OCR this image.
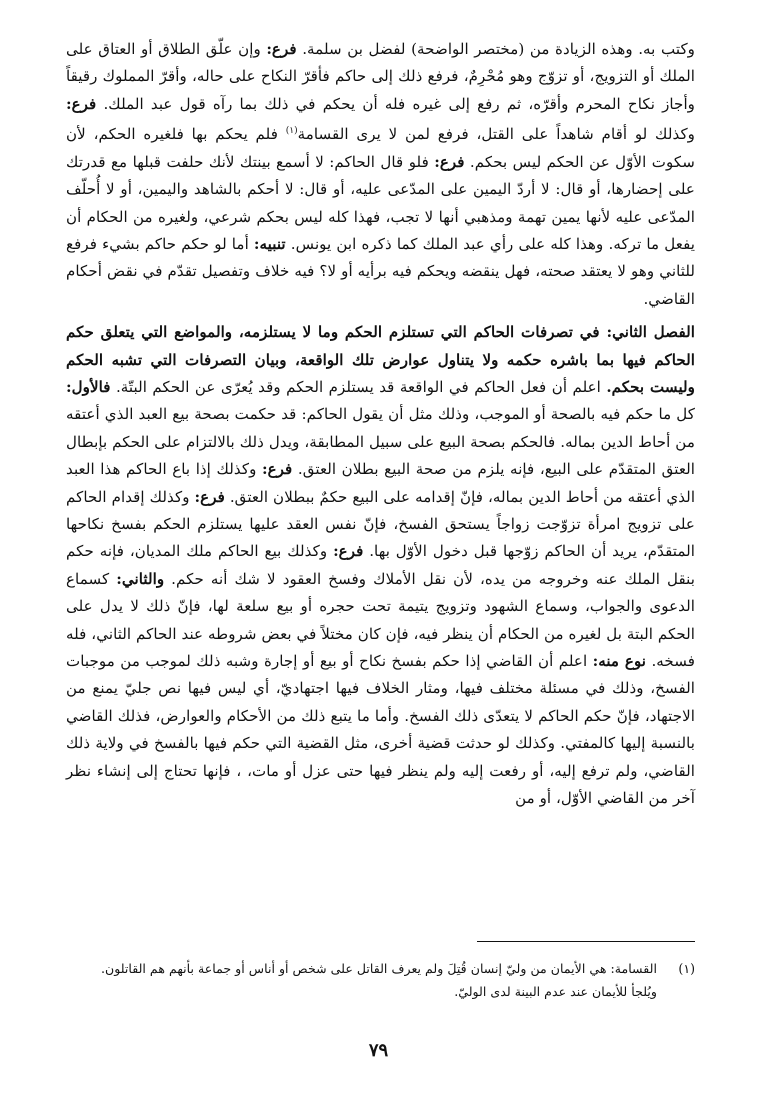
وكتب به. وهذه الزيادة من (مختصر الواضحة) لفضل بن سلمة. فرع: وإن علّق الطلاق أو العتاق على الملك أو التزويج، أو تزوّج وهو مُحْرِمٌ، فرفع ذلك إلى حاكم فأقرّ النكاح على حاله، وأقرّ المملوك رقيقاً وأجاز نكاح المحرم وأقرّه، ثم رفع إلى غيره فله أن يحكم في ذلك بما رآه قول عبد الملك. فرع: وكذلك لو أقام شاهداً على القتل، فرفع لمن لا يرى القسامة$^{(١)}$ فلم يحكم بها فلغيره الحكم، لأن سكوت الأوّل عن الحكم ليس بحكم. فرع: فلو قال الحاكم: لا أسمع بينتك لأنك حلفت قبلها مع قدرتك على إحضارها، أو قال: لا أردّ اليمين على المدّعى عليه، أو قال: لا أحكم بالشاهد واليمين، أو لا أُحلّف المدّعى عليه لأنها يمين تهمة ومذهبي أنها لا تجب، فهذا كله ليس بحكم شرعي، ولغيره من الحكام أن يفعل ما تركه. وهذا كله على رأي عبد الملك كما ذكره ابن يونس. تنبيه: أما لو حكم حاكم بشيء فرفع للثاني وهو لا يعتقد صحته، فهل ينقضه ويحكم فيه برأيه أو لا؟ فيه خلاف وتفصيل تقدّم في نقض أحكام القاضي.

الفصل الثاني: في تصرفات الحاكم التي تستلزم الحكم وما لا يستلزمه، والمواضع التي يتعلق حكم الحاكم فيها بما باشره حكمه ولا يتناول عوارض تلك الواقعة، وبيان التصرفات التي تشبه الحكم وليست بحكم. اعلم أن فعل الحاكم في الواقعة قد يستلزم الحكم وقد يُعرّى عن الحكم البتّة. فالأول: كل ما حكم فيه بالصحة أو الموجب، وذلك مثل أن يقول الحاكم: قد حكمت بصحة بيع العبد الذي أعتقه من أحاط الدين بماله. فالحكم بصحة البيع على سبيل المطابقة، ويدل ذلك بالالتزام على الحكم بإبطال العتق المتقدّم على البيع، فإنه يلزم من صحة البيع بطلان العتق. فرع: وكذلك إذا باع الحاكم هذا العبد الذي أعتقه من أحاط الدين بماله، فإنّ إقدامه على البيع حكمٌ ببطلان العتق. فرع: وكذلك إقدام الحاكم على تزويج امرأة تزوّجت زواجاً يستحق الفسخ، فإنّ نفس العقد عليها يستلزم الحكم بفسخ نكاحها المتقدّم، يريد أن الحاكم زوّجها قبل دخول الأوّل بها. فرع: وكذلك بيع الحاكم ملك المديان، فإنه حكم بنقل الملك عنه وخروجه من يده، لأن نقل الأملاك وفسخ العقود لا شك أنه حكم. والثاني: كسماع الدعوى والجواب، وسماع الشهود وتزويج يتيمة تحت حجره أو بيع سلعة لها، فإنّ ذلك لا يدل على الحكم البتة بل لغيره من الحكام أن ينظر فيه، فإن كان مختلاً في بعض شروطه عند الحاكم الثاني، فله فسخه. نوع منه: اعلم أن القاضي إذا حكم بفسخ نكاح أو بيع أو إجارة وشبه ذلك لموجب من موجبات الفسخ، وذلك في مسئلة مختلف فيها، ومثار الخلاف فيها اجتهاديّ، أي ليس فيها نص جليّ يمنع من الاجتهاد، فإنّ حكم الحاكم لا يتعدّى ذلك الفسخ. وأما ما يتبع ذلك من الأحكام والعوارض، فذلك القاضي بالنسبة إليها كالمفتي. وكذلك لو حدثت قضية أخرى، مثل القضية التي حكم فيها بالفسخ في ولاية ذلك القاضي، ولم ترفع إليه، أو رفعت إليه ولم ينظر فيها حتى عزل أو مات، ، فإنها تحتاج إلى إنشاء نظر آخر من القاضي الأوّل، أو من

(١)القسامة: هي الأيمان من وليّ إنسان قُتِلَ ولم يعرف القاتل على شخص أو أناس أو جماعة بأنهم هم القاتلون.
ويُلجأ للأيمان عند عدم البينة لدى الوليّ.
٧٩
